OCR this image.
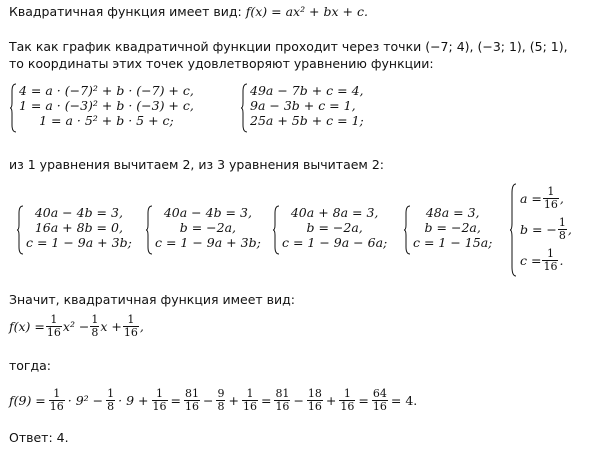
Квадратичная функция имеет вид: f(x) = ax² + bx + c.
Так как график квадратичной функции проходит через точки (−7; 4), (−3; 1), (5; 1),
то координаты этих точек удовлетворяют уравнению функции:
4 = a · (−7)² + b · (−7) + c,
1 = a · (−3)² + b · (−3) + c,
1 = a · 5² + b · 5 + c;
49a − 7b + c = 4,
9a − 3b + c = 1,
25a + 5b + c = 1;
из 1 уравнения вычитаем 2, из 3 уравнения вычитаем 2:
40a − 4b = 3,
16a + 8b = 0,
c = 1 − 9a + 3b;
40a − 4b = 3,
b = −2a,
c = 1 − 9a + 3b;
40a + 8a = 3,
b = −2a,
c = 1 − 9a − 6a;
48a = 3,
b = −2a,
c = 1 − 15a;
$a = \frac{1}{16}$ ,
b = − $\frac{1}{8}$ ,
$c = \frac{1}{16}$ .
Значит, квадратичная функция имеет вид:
$f(x) = \frac{1}{16} x^2 - \frac{1}{8}$ $x + \frac{1}{16}$ ,
тогда:
$f(9) = \frac{1}{16} \cdot 9^2 - \frac{1}{8} \cdot 9 + \frac{1}{16} = \frac{81}{16} - \frac{9}{8} + \frac{1}{16} = \frac{81}{16} - \frac{18}{16} + \frac{1}{16} = \frac{64}{16} = 4$.
Ответ: 4.
